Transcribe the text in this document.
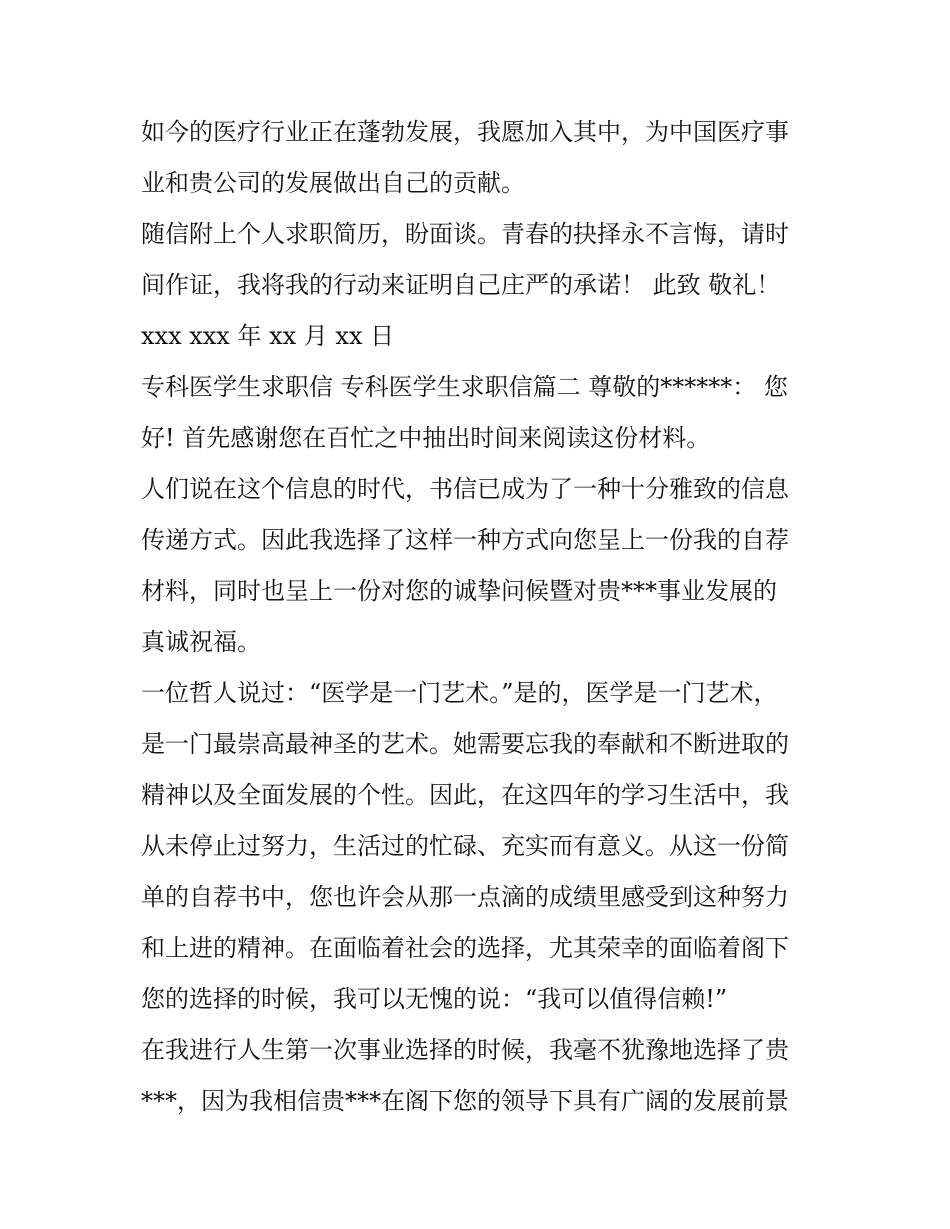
如今的医疗行业正在蓬勃发展，我愿加入其中，为中国医疗事
业和贵公司的发展做出自己的贡献。
随信附上个人求职简历，盼面谈。青春的抉择永不言悔，请时
间作证，我将我的行动来证明自己庄严的承诺！ 此致 敬礼！
xxx xxx 年 xx 月 xx 日
专科医学生求职信 专科医学生求职信篇二 尊敬的******： 您
好! 首先感谢您在百忙之中抽出时间来阅读这份材料。
人们说在这个信息的时代，书信已成为了一种十分雅致的信息
传递方式。因此我选择了这样一种方式向您呈上一份我的自荐
材料，同时也呈上一份对您的诚挚问候暨对贵***事业发展的
真诚祝福。
一位哲人说过：“医学是一门艺术。”是的，医学是一门艺术，
是一门最崇高最神圣的艺术。她需要忘我的奉献和不断进取的
精神以及全面发展的个性。因此，在这四年的学习生活中，我
从未停止过努力，生活过的忙碌、充实而有意义。从这一份简
单的自荐书中，您也许会从那一点滴的成绩里感受到这种努力
和上进的精神。在面临着社会的选择，尤其荣幸的面临着阁下
您的选择的时候，我可以无愧的说：“我可以值得信赖!”
在我进行人生第一次事业选择的时候，我毫不犹豫地选择了贵
***，因为我相信贵***在阁下您的领导下具有广阔的发展前景
